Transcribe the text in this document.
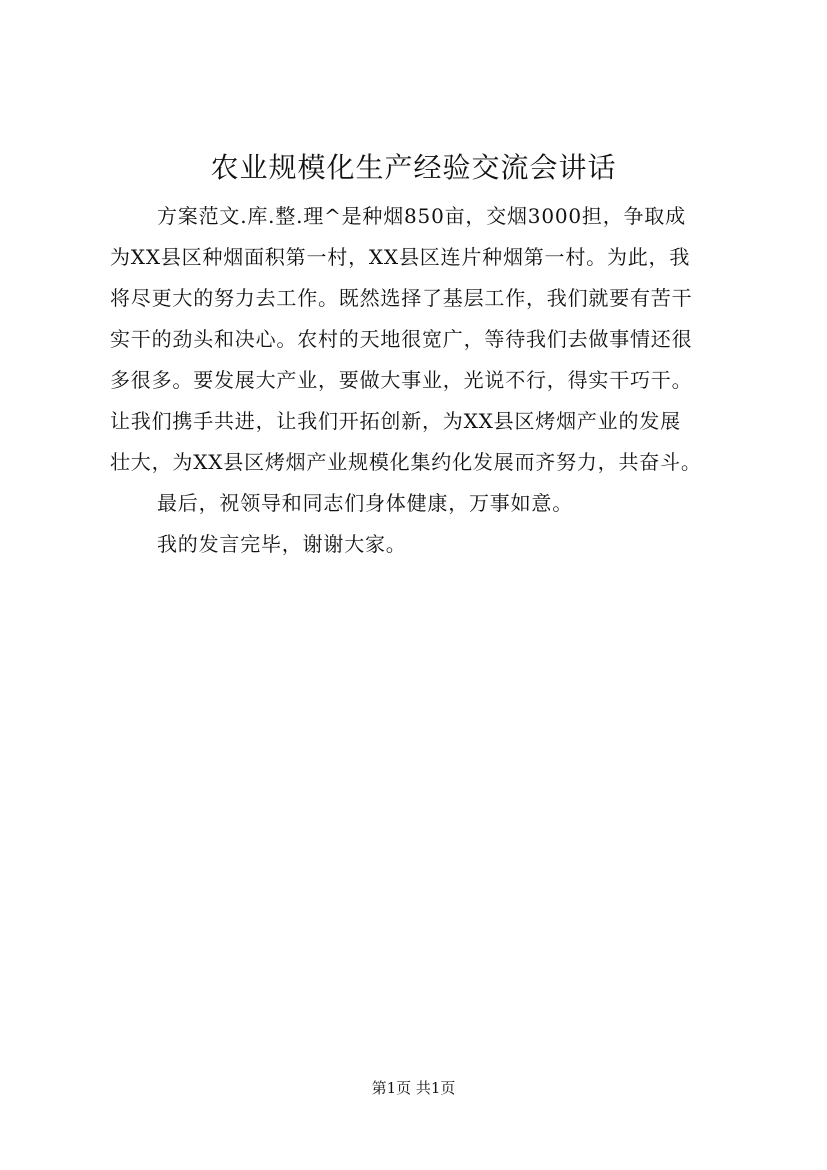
农业规模化生产经验交流会讲话
方案范文.库.整.理^是种烟850亩，交烟3000担，争取成
为XX县区种烟面积第一村，XX县区连片种烟第一村。为此，我
将尽更大的努力去工作。既然选择了基层工作，我们就要有苦干
实干的劲头和决心。农村的天地很宽广，等待我们去做事情还很
多很多。要发展大产业，要做大事业，光说不行，得实干巧干。
让我们携手共进，让我们开拓创新，为XX县区烤烟产业的发展
壮大，为XX县区烤烟产业规模化集约化发展而齐努力，共奋斗。
最后，祝领导和同志们身体健康，万事如意。
我的发言完毕，谢谢大家。
第1页 共1页
